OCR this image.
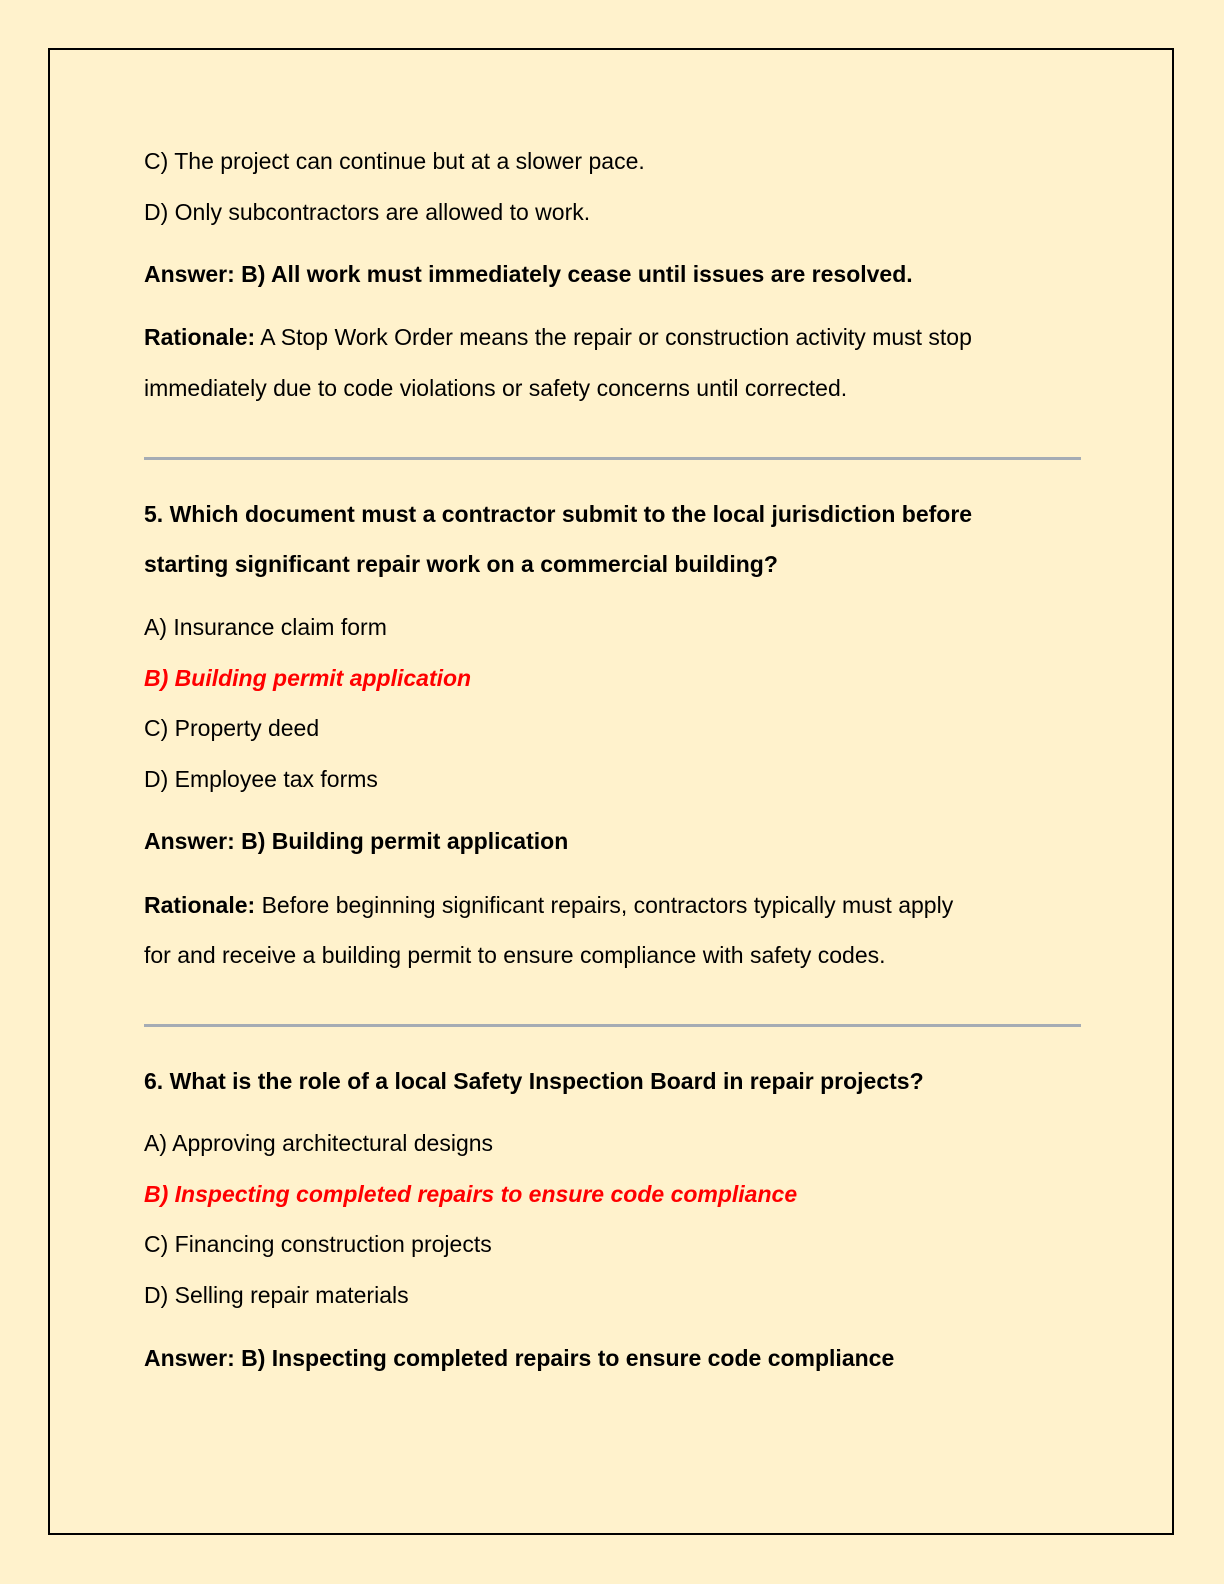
C) The project can continue but at a slower pace.
D) Only subcontractors are allowed to work.
Answer: B) All work must immediately cease until issues are resolved.
Rationale: A Stop Work Order means the repair or construction activity must stop
immediately due to code violations or safety concerns until corrected.
5. Which document must a contractor submit to the local jurisdiction before
starting significant repair work on a commercial building?
A) Insurance claim form
B) Building permit application
C) Property deed
D) Employee tax forms
Answer: B) Building permit application
Rationale: Before beginning significant repairs, contractors typically must apply
for and receive a building permit to ensure compliance with safety codes.
6. What is the role of a local Safety Inspection Board in repair projects?
A) Approving architectural designs
B) Inspecting completed repairs to ensure code compliance
C) Financing construction projects
D) Selling repair materials
Answer: B) Inspecting completed repairs to ensure code compliance
